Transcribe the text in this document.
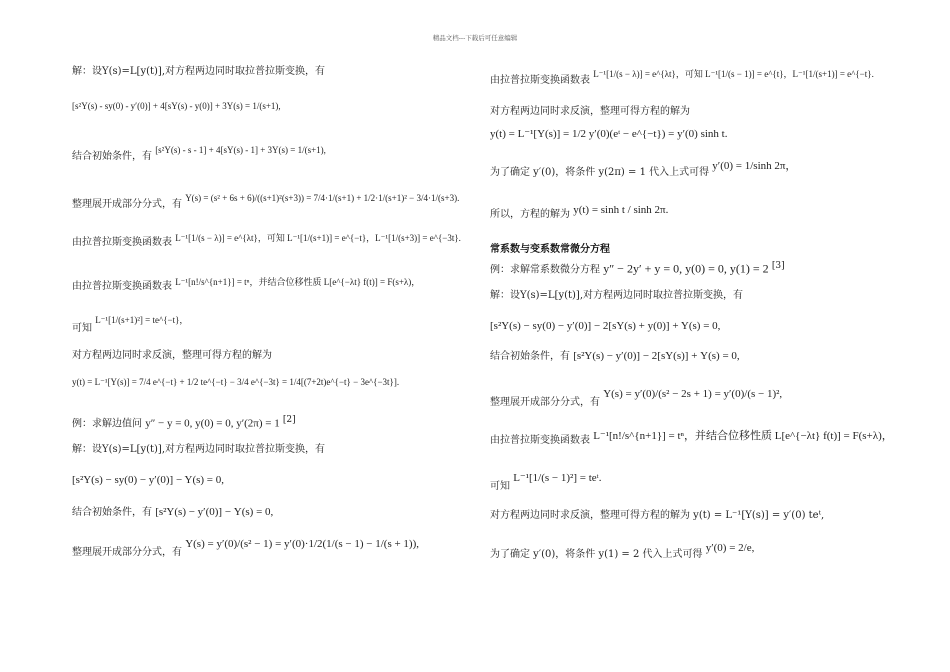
精品文档---下载后可任意编辑
解：设Y(s)=L[y(t)],对方程两边同时取拉普拉斯变换，有
[s²Y(s) - sy(0) - y′(0)] + 4[sY(s) - y(0)] + 3Y(s) = 1/(s+1),
结合初始条件，有 [s²Y(s) - s - 1] + 4[sY(s) - 1] + 3Y(s) = 1/(s+1),
整理展开成部分分式，有 Y(s) = (s² + 6s + 6)/((s+1)²(s+3)) = 7/4·1/(s+1) + 1/2·1/(s+1)² − 3/4·1/(s+3).
由拉普拉斯变换函数表 L⁻¹[1/(s − λ)] = e^{λt}，可知 L⁻¹[1/(s+1)] = e^{−t}，L⁻¹[1/(s+3)] = e^{−3t}.
由拉普拉斯变换函数表 L⁻¹[n!/s^{n+1}] = tⁿ，并结合位移性质 L[e^{−λt} f(t)] = F(s+λ)，
可知 L⁻¹[1/(s+1)²] = te^{−t}，
对方程两边同时求反演，整理可得方程的解为
y(t) = L⁻¹[Y(s)] = 7/4 e^{−t} + 1/2 te^{−t} − 3/4 e^{−3t} = 1/4[(7+2t)e^{−t} − 3e^{−3t}].
例：求解边值问 y″ − y = 0, y(0) = 0, y′(2π) = 1 [2]
解：设Y(s)=L[y(t)],对方程两边同时取拉普拉斯变换，有
[s²Y(s) − sy(0) − y′(0)] − Y(s) = 0,
结合初始条件，有 [s²Y(s) − y′(0)] − Y(s) = 0,
整理展开成部分分式，有 Y(s) = y′(0)/(s² − 1) = y′(0)·1/2(1/(s − 1) − 1/(s + 1)),
由拉普拉斯变换函数表 L⁻¹[1/(s − λ)] = e^{λt}，可知 L⁻¹[1/(s − 1)] = e^{t}，L⁻¹[1/(s+1)] = e^{−t}.
对方程两边同时求反演，整理可得方程的解为
y(t) = L⁻¹[Y(s)] = 1/2 y′(0)(eᵗ − e^{−t}) = y′(0) sinh t.
为了确定 y′(0)，将条件 y(2π) = 1 代入上式可得 y′(0) = 1/sinh 2π，
所以，方程的解为 y(t) = sinh t / sinh 2π.
常系数与变系数常微分方程
例：求解常系数微分方程 y″ − 2y′ + y = 0, y(0) = 0, y(1) = 2 [3]
解：设Y(s)=L[y(t)],对方程两边同时取拉普拉斯变换，有
[s²Y(s) − sy(0) − y′(0)] − 2[sY(s) + y(0)] + Y(s) = 0,
结合初始条件，有 [s²Y(s) − y′(0)] − 2[sY(s)] + Y(s) = 0,
整理展开成部分分式，有 Y(s) = y′(0)/(s² − 2s + 1) = y′(0)/(s − 1)²,
由拉普拉斯变换函数表 L⁻¹[n!/s^{n+1}] = tⁿ，并结合位移性质 L[e^{−λt} f(t)] = F(s+λ)，
可知 L⁻¹[1/(s − 1)²] = teᵗ.
对方程两边同时求反演，整理可得方程的解为 y(t) = L⁻¹[Y(s)] = y′(0) teᵗ,
为了确定 y′(0)，将条件 y(1) = 2 代入上式可得 y′(0) = 2/e,
